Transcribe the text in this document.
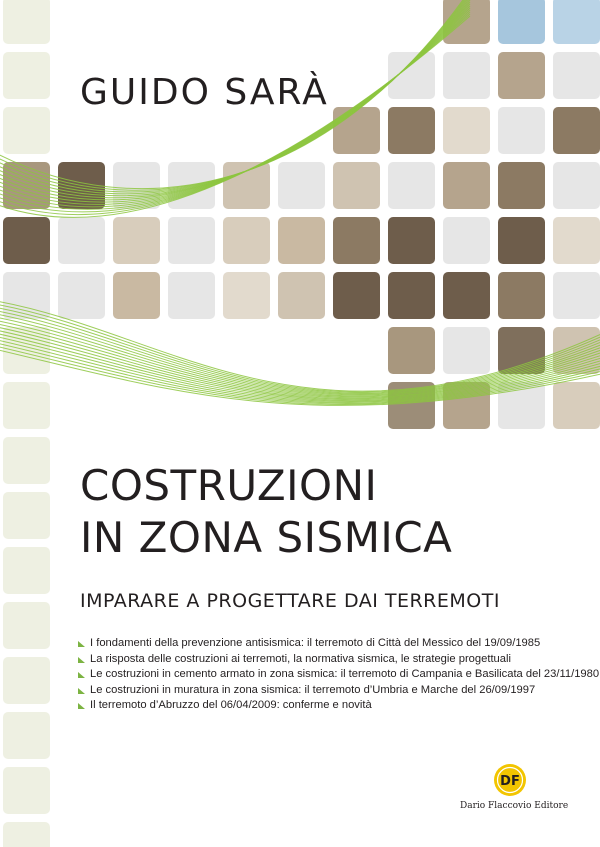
GUIDO SARÀ
COSTRUZIONI
IN ZONA SISMICA
IMPARARE A PROGETTARE DAI TERREMOTI
I fondamenti della prevenzione antisismica: il terremoto di Città del Messico del 19/09/1985
La risposta delle costruzioni ai terremoti, la normativa sismica, le strategie progettuali
Le costruzioni in cemento armato in zona sismica: il terremoto di Campania e Basilicata del 23/11/1980
Le costruzioni in muratura in zona sismica: il terremoto d’Umbria e Marche del 26/09/1997
Il terremoto d’Abruzzo del 06/04/2009: conferme e novità
DF
Dario Flaccovio Editore
